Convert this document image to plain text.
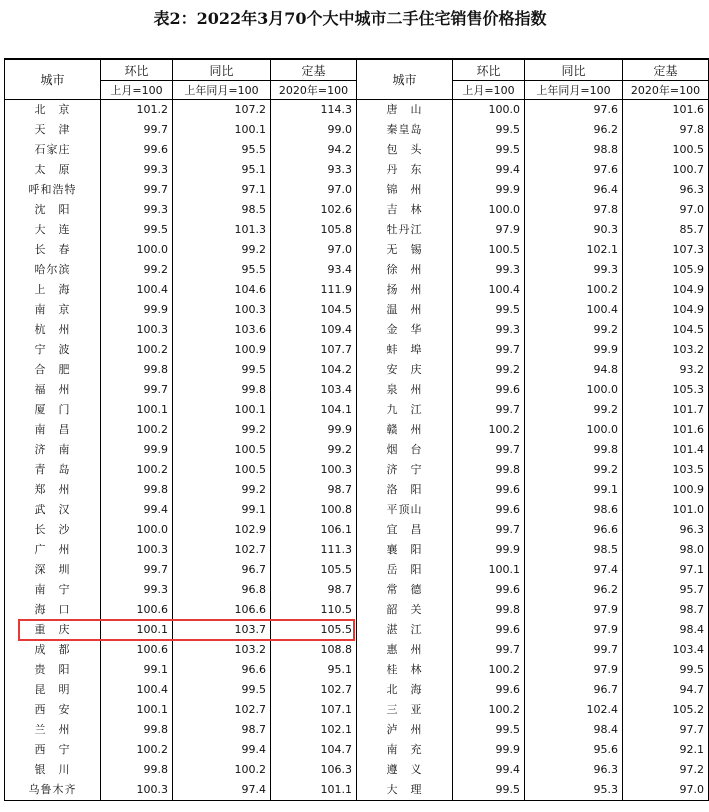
表2：2022年3月70个大中城市二手住宅销售价格指数
城市	环比	同比	定基	城市	环比	同比	定基
	上月=100	上年同月=100	2020年=100		上月=100	上年同月=100	2020年=100
北　京	101.2	107.2	114.3	唐　山	100.0	97.6	101.6
天　津	99.7	100.1	99.0	秦皇岛	99.5	96.2	97.8
石家庄	99.6	95.5	94.2	包　头	99.5	98.8	100.5
太　原	99.3	95.1	93.3	丹　东	99.4	97.6	100.7
呼和浩特	99.7	97.1	97.0	锦　州	99.9	96.4	96.3
沈　阳	99.3	98.5	102.6	吉　林	100.0	97.8	97.0
大　连	99.5	101.3	105.8	牡丹江	97.9	90.3	85.7
长　春	100.0	99.2	97.0	无　锡	100.5	102.1	107.3
哈尔滨	99.2	95.5	93.4	徐　州	99.3	99.3	105.9
上　海	100.4	104.6	111.9	扬　州	100.4	100.2	104.9
南　京	99.9	100.3	104.5	温　州	99.5	100.4	104.9
杭　州	100.3	103.6	109.4	金　华	99.3	99.2	104.5
宁　波	100.2	100.9	107.7	蚌　埠	99.7	99.9	103.2
合　肥	99.8	99.5	104.2	安　庆	99.2	94.8	93.2
福　州	99.7	99.8	103.4	泉　州	99.6	100.0	105.3
厦　门	100.1	100.1	104.1	九　江	99.7	99.2	101.7
南　昌	100.2	99.2	99.9	赣　州	100.2	100.0	101.6
济　南	99.9	100.5	99.2	烟　台	99.7	99.8	101.4
青　岛	100.2	100.5	100.3	济　宁	99.8	99.2	103.5
郑　州	99.8	99.2	98.7	洛　阳	99.6	99.1	100.9
武　汉	99.4	99.1	100.8	平顶山	99.6	98.6	101.0
长　沙	100.0	102.9	106.1	宜　昌	99.7	96.6	96.3
广　州	100.3	102.7	111.3	襄　阳	99.9	98.5	98.0
深　圳	99.7	96.7	105.5	岳　阳	100.1	97.4	97.1
南　宁	99.3	96.8	98.7	常　德	99.6	96.2	95.7
海　口	100.6	106.6	110.5	韶　关	99.8	97.9	98.7
重　庆	100.1	103.7	105.5	湛　江	99.6	97.9	98.4
成　都	100.6	103.2	108.8	惠　州	99.7	99.7	103.4
贵　阳	99.1	96.6	95.1	桂　林	100.2	97.9	99.5
昆　明	100.4	99.5	102.7	北　海	99.6	96.7	94.7
西　安	100.1	102.7	107.1	三　亚	100.2	102.4	105.2
兰　州	99.8	98.7	102.1	泸　州	99.5	98.4	97.7
西　宁	100.2	99.4	104.7	南　充	99.9	95.6	92.1
银　川	99.8	100.2	106.3	遵　义	99.4	96.3	97.2
乌鲁木齐	100.3	97.4	101.1	大　理	99.5	95.3	97.0
